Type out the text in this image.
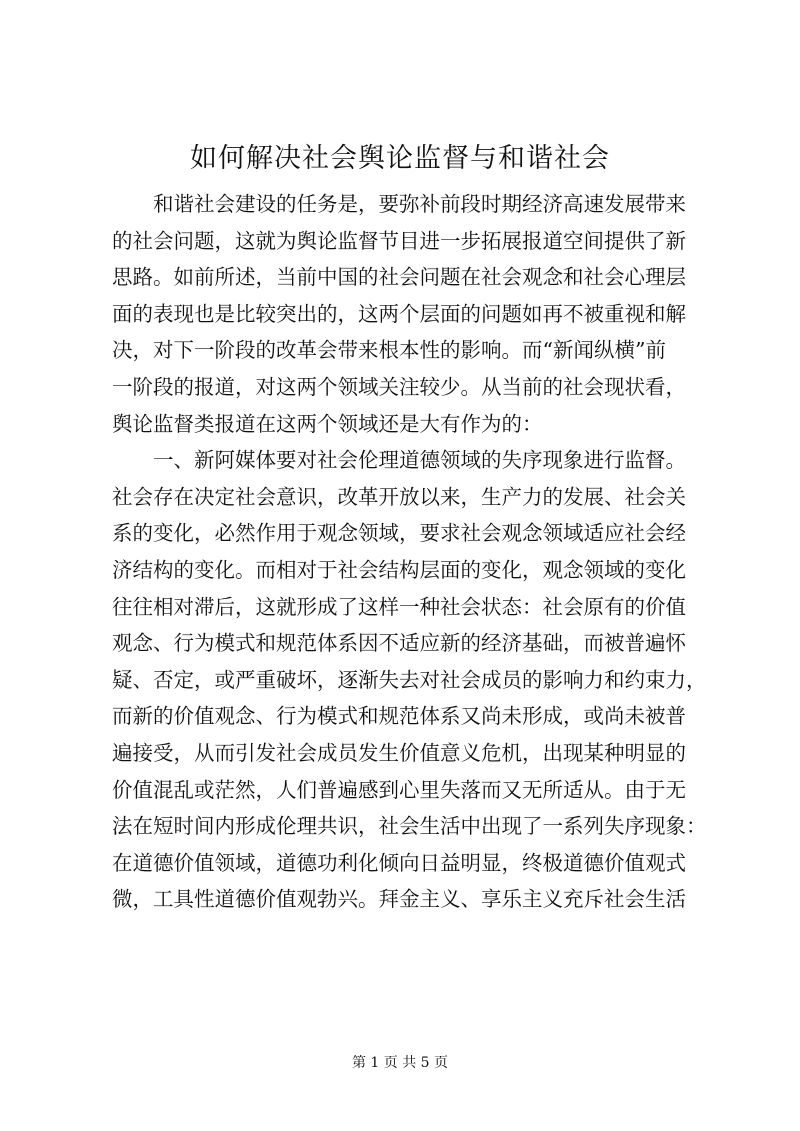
如何解决社会舆论监督与和谐社会
和谐社会建设的任务是，要弥补前段时期经济高速发展带来
的社会问题，这就为舆论监督节目进一步拓展报道空间提供了新
思路。如前所述，当前中国的社会问题在社会观念和社会心理层
面的表现也是比较突出的，这两个层面的问题如再不被重视和解
决，对下一阶段的改革会带来根本性的影响。而“新闻纵横”前
一阶段的报道，对这两个领域关注较少。从当前的社会现状看，
舆论监督类报道在这两个领域还是大有作为的：
一、新阿媒体要对社会伦理道德领域的失序现象进行监督。
社会存在决定社会意识，改革开放以来，生产力的发展、社会关
系的变化，必然作用于观念领域，要求社会观念领域适应社会经
济结构的变化。而相对于社会结构层面的变化，观念领域的变化
往往相对滞后，这就形成了这样一种社会状态：社会原有的价值
观念、行为模式和规范体系因不适应新的经济基础，而被普遍怀
疑、否定，或严重破坏，逐渐失去对社会成员的影响力和约束力，
而新的价值观念、行为模式和规范体系又尚未形成，或尚未被普
遍接受，从而引发社会成员发生价值意义危机，出现某种明显的
价值混乱或茫然，人们普遍感到心里失落而又无所适从。由于无
法在短时间内形成伦理共识，社会生活中出现了一系列失序现象：
在道德价值领域，道德功利化倾向日益明显，终极道德价值观式
微，工具性道德价值观勃兴。拜金主义、享乐主义充斥社会生活
第 1 页 共 5 页
